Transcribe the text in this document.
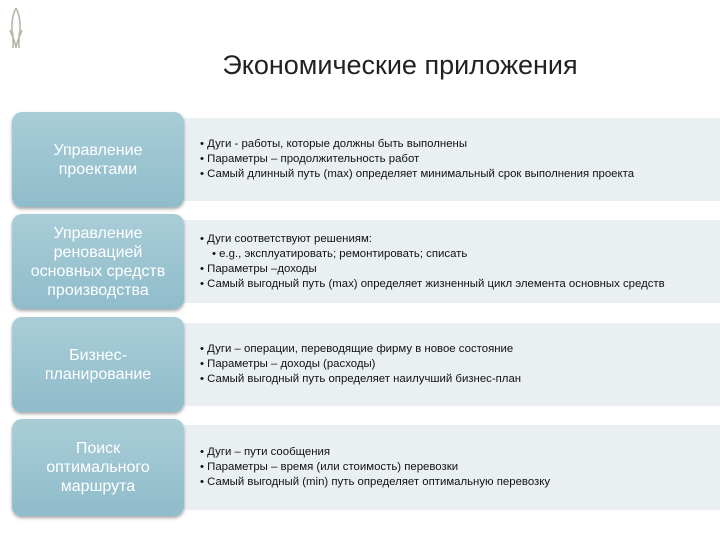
Экономические приложения
Управление
проектами
• Дуги - работы, которые должны быть выполнены
• Параметры – продолжительность работ
• Самый длинный путь (max) определяет минимальный срок выполнения проекта
Управление
реновацией
основных средств
производства
• Дуги соответствуют решениям:
• e.g., эксплуатировать; ремонтировать; списать
• Параметры –доходы
• Самый выгодный путь (max) определяет жизненный цикл элемента основных средств
Бизнес-
планирование
• Дуги – операции, переводящие фирму в новое состояние
• Параметры – доходы (расходы)
• Самый выгодный путь определяет наилучший бизнес-план
Поиск
оптимального
маршрута
• Дуги – пути сообщения
• Параметры – время (или стоимость) перевозки
• Самый выгодный (min) путь определяет оптимальную перевозку
